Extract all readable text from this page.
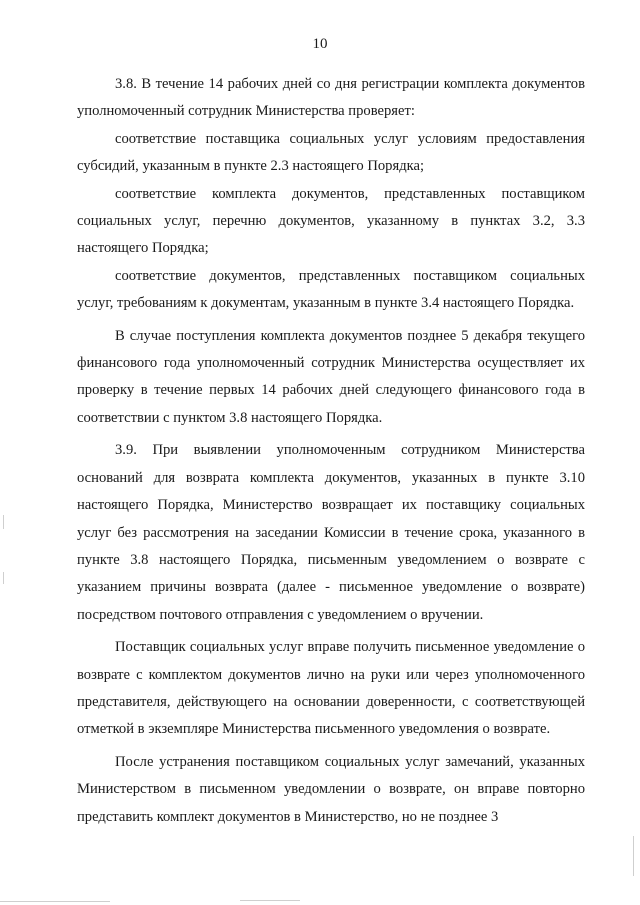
10

3.8. В течение 14 рабочих дней со дня регистрации комплекта документов уполномоченный сотрудник Министерства проверяет:

соответствие поставщика социальных услуг условиям предоставления субсидий, указанным в пункте 2.3 настоящего Порядка;

соответствие комплекта документов, представленных поставщиком социальных услуг, перечню документов, указанному в пунктах 3.2, 3.3 настоящего Порядка;

соответствие документов, представленных поставщиком социальных услуг, требованиям к документам, указанным в пункте 3.4 настоящего Порядка.

В случае поступления комплекта документов позднее 5 декабря текущего финансового года уполномоченный сотрудник Министерства осуществляет их проверку в течение первых 14 рабочих дней следующего финансового года в соответствии с пунктом 3.8 настоящего Порядка.

3.9. При выявлении уполномоченным сотрудником Министерства оснований для возврата комплекта документов, указанных в пункте 3.10 настоящего Порядка, Министерство возвращает их поставщику социальных услуг без рассмотрения на заседании Комиссии в течение срока, указанного в пункте 3.8 настоящего Порядка, письменным уведомлением о возврате с указанием причины возврата (далее - письменное уведомление о возврате) посредством почтового отправления с уведомлением о вручении.

Поставщик социальных услуг вправе получить письменное уведомление о возврате с комплектом документов лично на руки или через уполномоченного представителя, действующего на основании доверенности, с соответствующей отметкой в экземпляре Министерства письменного уведомления о возврате.

После устранения поставщиком социальных услуг замечаний, указанных Министерством в письменном уведомлении о возврате, он вправе повторно представить комплект документов в Министерство, но не позднее 3
